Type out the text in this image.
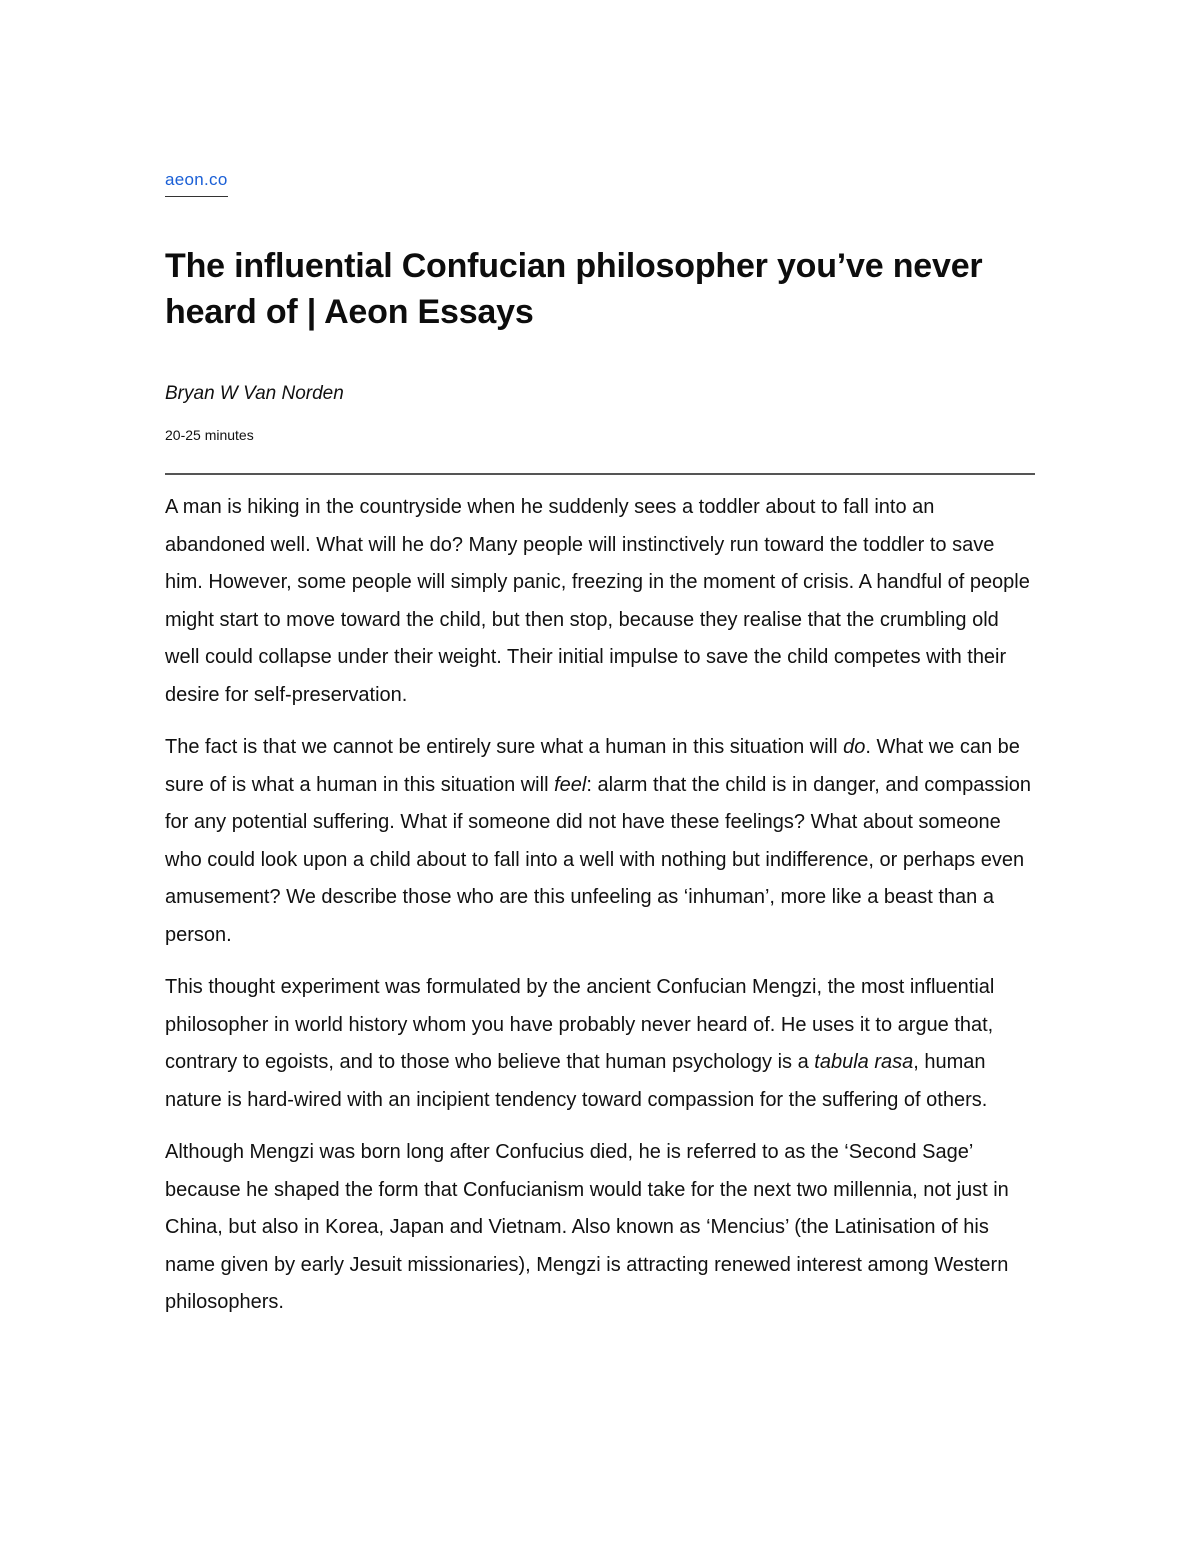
aeon.co
The influential Confucian philosopher you’ve never heard of | Aeon Essays
Bryan W Van Norden
20-25 minutes

A man is hiking in the countryside when he suddenly sees a toddler about to fall into an abandoned well. What will he do? Many people will instinctively run toward the toddler to save him. However, some people will simply panic, freezing in the moment of crisis. A handful of people might start to move toward the child, but then stop, because they realise that the crumbling old well could collapse under their weight. Their initial impulse to save the child competes with their desire for self-preservation.

The fact is that we cannot be entirely sure what a human in this situation will do. What we can be sure of is what a human in this situation will feel: alarm that the child is in danger, and compassion for any potential suffering. What if someone did not have these feelings? What about someone who could look upon a child about to fall into a well with nothing but indifference, or perhaps even amusement? We describe those who are this unfeeling as ‘inhuman’, more like a beast than a person.

This thought experiment was formulated by the ancient Confucian Mengzi, the most influential philosopher in world history whom you have probably never heard of. He uses it to argue that, contrary to egoists, and to those who believe that human psychology is a tabula rasa, human nature is hard-wired with an incipient tendency toward compassion for the suffering of others.

Although Mengzi was born long after Confucius died, he is referred to as the ‘Second Sage’ because he shaped the form that Confucianism would take for the next two millennia, not just in China, but also in Korea, Japan and Vietnam. Also known as ‘Mencius’ (the Latinisation of his name given by early Jesuit missionaries), Mengzi is attracting renewed interest among Western philosophers.
